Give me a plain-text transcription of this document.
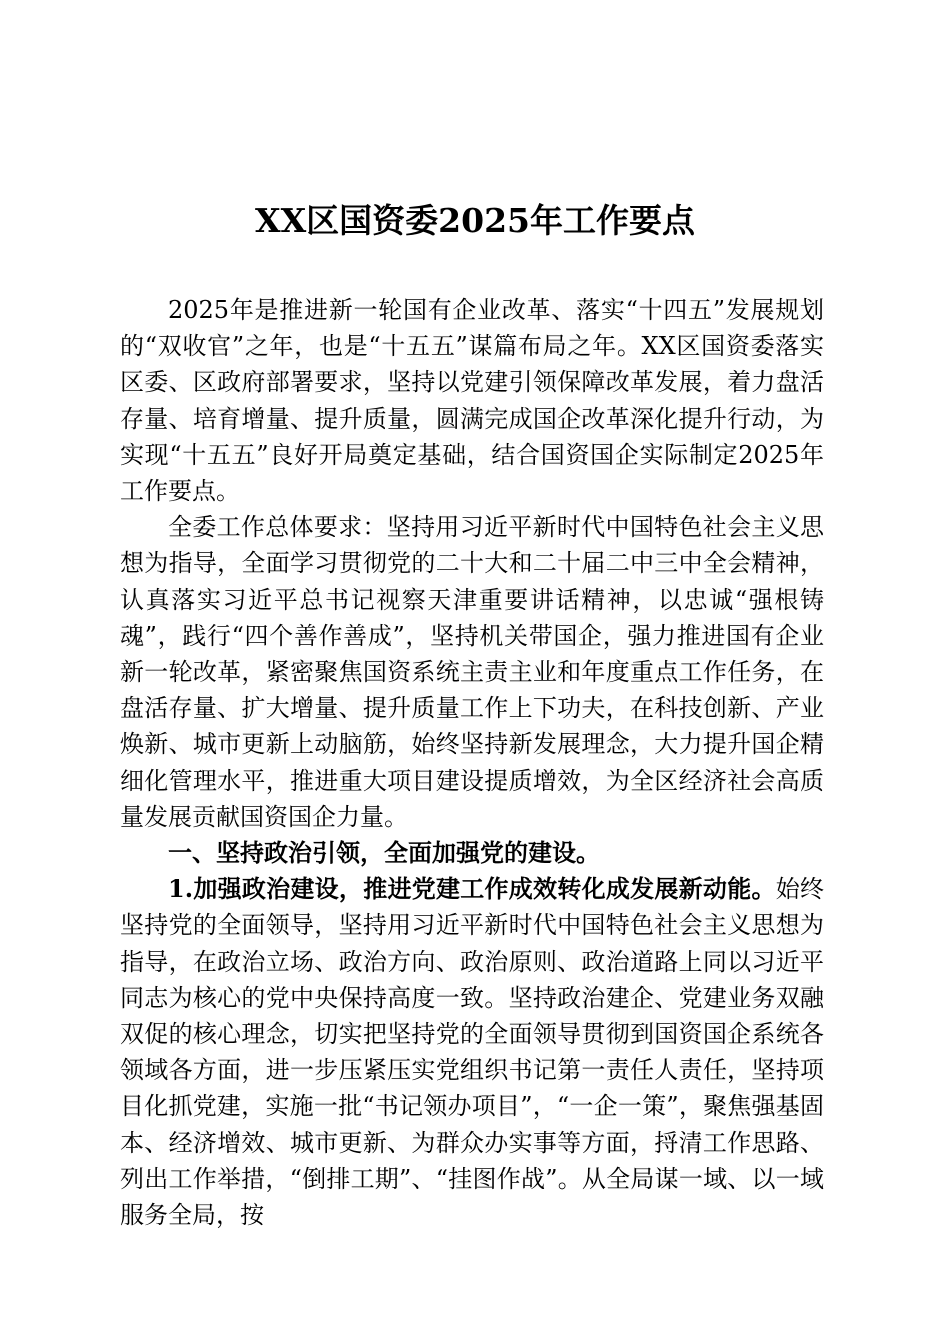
XX区国资委2025年工作要点

2025年是推进新一轮国有企业改革、落实“十四五”发展规划的“双收官”之年，也是“十五五”谋篇布局之年。XX区国资委落实区委、区政府部署要求，坚持以党建引领保障改革发展，着力盘活存量、培育增量、提升质量，圆满完成国企改革深化提升行动，为实现“十五五”良好开局奠定基础，结合国资国企实际制定2025年工作要点。

全委工作总体要求：坚持用习近平新时代中国特色社会主义思想为指导，全面学习贯彻党的二十大和二十届二中三中全会精神，认真落实习近平总书记视察天津重要讲话精神，以忠诚“强根铸魂”，践行“四个善作善成”，坚持机关带国企，强力推进国有企业新一轮改革，紧密聚焦国资系统主责主业和年度重点工作任务，在盘活存量、扩大增量、提升质量工作上下功夫，在科技创新、产业焕新、城市更新上动脑筋，始终坚持新发展理念，大力提升国企精细化管理水平，推进重大项目建设提质增效，为全区经济社会高质量发展贡献国资国企力量。

一、坚持政治引领，全面加强党的建设。

1.加强政治建设，推进党建工作成效转化成发展新动能。始终坚持党的全面领导，坚持用习近平新时代中国特色社会主义思想为指导，在政治立场、政治方向、政治原则、政治道路上同以习近平同志为核心的党中央保持高度一致。坚持政治建企、党建业务双融双促的核心理念，切实把坚持党的全面领导贯彻到国资国企系统各领域各方面，进一步压紧压实党组织书记第一责任人责任，坚持项目化抓党建，实施一批“书记领办项目”，“一企一策”，聚焦强基固本、经济增效、城市更新、为群众办实事等方面，捋清工作思路、列出工作举措，“倒排工期”、“挂图作战”。从全局谋一域、以一域服务全局，按
